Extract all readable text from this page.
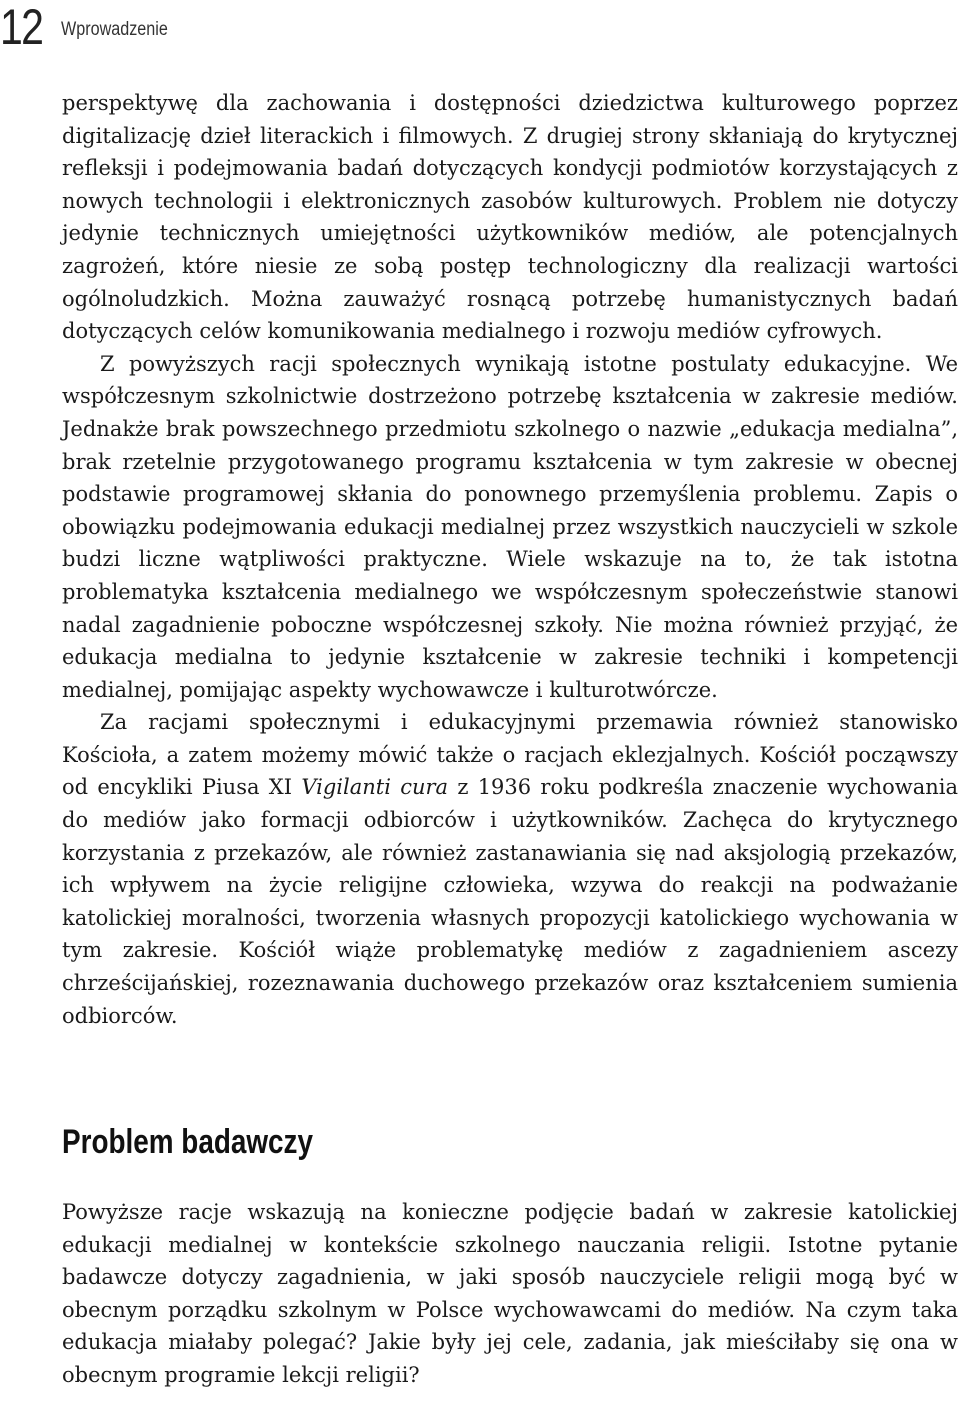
12 Wprowadzenie

perspektywę dla zachowania i dostępności dziedzictwa kulturowego poprzez digitalizację dzieł literackich i filmowych. Z drugiej strony skłaniają do krytycznej refleksji i podejmowania badań dotyczących kondycji podmiotów korzystających z nowych technologii i elektronicznych zasobów kulturowych. Problem nie dotyczy jedynie technicznych umiejętności użytkowników mediów, ale potencjalnych zagrożeń, które niesie ze sobą postęp technologiczny dla realizacji wartości ogólnoludzkich. Można zauważyć rosnącą potrzebę humanistycznych badań dotyczących celów komunikowania medialnego i rozwoju mediów cyfrowych.

Z powyższych racji społecznych wynikają istotne postulaty edukacyjne. We współczesnym szkolnictwie dostrzeżono potrzebę kształcenia w zakresie mediów. Jednakże brak powszechnego przedmiotu szkolnego o nazwie „edukacja medialna”, brak rzetelnie przygotowanego programu kształcenia w tym zakresie w obecnej podstawie programowej skłania do ponownego przemyślenia problemu. Zapis o obowiązku podejmowania edukacji medialnej przez wszystkich nauczycieli w szkole budzi liczne wątpliwości praktyczne. Wiele wskazuje na to, że tak istotna problematyka kształcenia medialnego we współczesnym społeczeństwie stanowi nadal zagadnienie poboczne współczesnej szkoły. Nie można również przyjąć, że edukacja medialna to jedynie kształcenie w zakresie techniki i kompetencji medialnej, pomijając aspekty wychowawcze i kulturotwórcze.

Za racjami społecznymi i edukacyjnymi przemawia również stanowisko Kościoła, a zatem możemy mówić także o racjach eklezjalnych. Kościół począwszy od encykliki Piusa XI Vigilanti cura z 1936 roku podkreśla znaczenie wychowania do mediów jako formacji odbiorców i użytkowników. Zachęca do krytycznego korzystania z przekazów, ale również zastanawiania się nad aksjologią przekazów, ich wpływem na życie religijne człowieka, wzywa do reakcji na podważanie katolickiej moralności, tworzenia własnych propozycji katolickiego wychowania w tym zakresie. Kościół wiąże problematykę mediów z zagadnieniem ascezy chrześcijańskiej, rozeznawania duchowego przekazów oraz kształceniem sumienia odbiorców.

Problem badawczy

Powyższe racje wskazują na konieczne podjęcie badań w zakresie katolickiej edukacji medialnej w kontekście szkolnego nauczania religii. Istotne pytanie badawcze dotyczy zagadnienia, w jaki sposób nauczyciele religii mogą być w obecnym porządku szkolnym w Polsce wychowawcami do mediów. Na czym taka edukacja miałaby polegać? Jakie były jej cele, zadania, jak mieściłaby się ona w obecnym programie lekcji religii?
